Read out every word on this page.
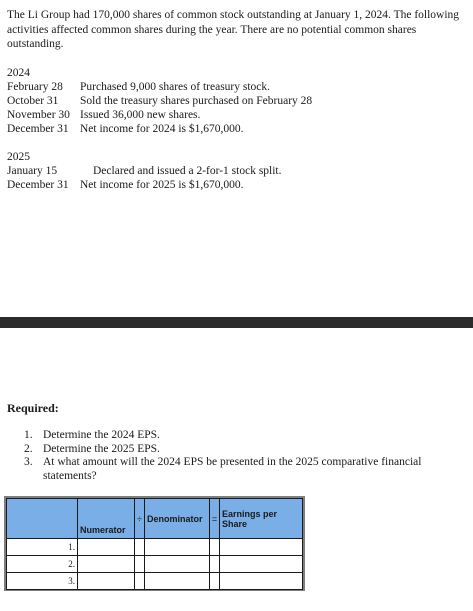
The Li Group had 170,000 shares of common stock outstanding at January 1, 2024. The following activities affected common shares during the year. There are no potential common shares outstanding.

2024
February 28 Purchased 9,000 shares of treasury stock.
October 31 Sold the treasury shares purchased on February 28
November 30 Issued 36,000 new shares.
December 31 Net income for 2024 is $1,670,000.
2025
January 15	Declared and issued a 2-for-1 stock split.
December 31 Net income for 2025 is $1,670,000.
Required:
1. Determine the 2024 EPS.
2. Determine the 2025 EPS.
3. At what amount will the 2024 EPS be presented in the 2025 comparative financial statements?
	Numerator	÷	Denominator	=	Earnings per Share
1.					
2.					
3.					
